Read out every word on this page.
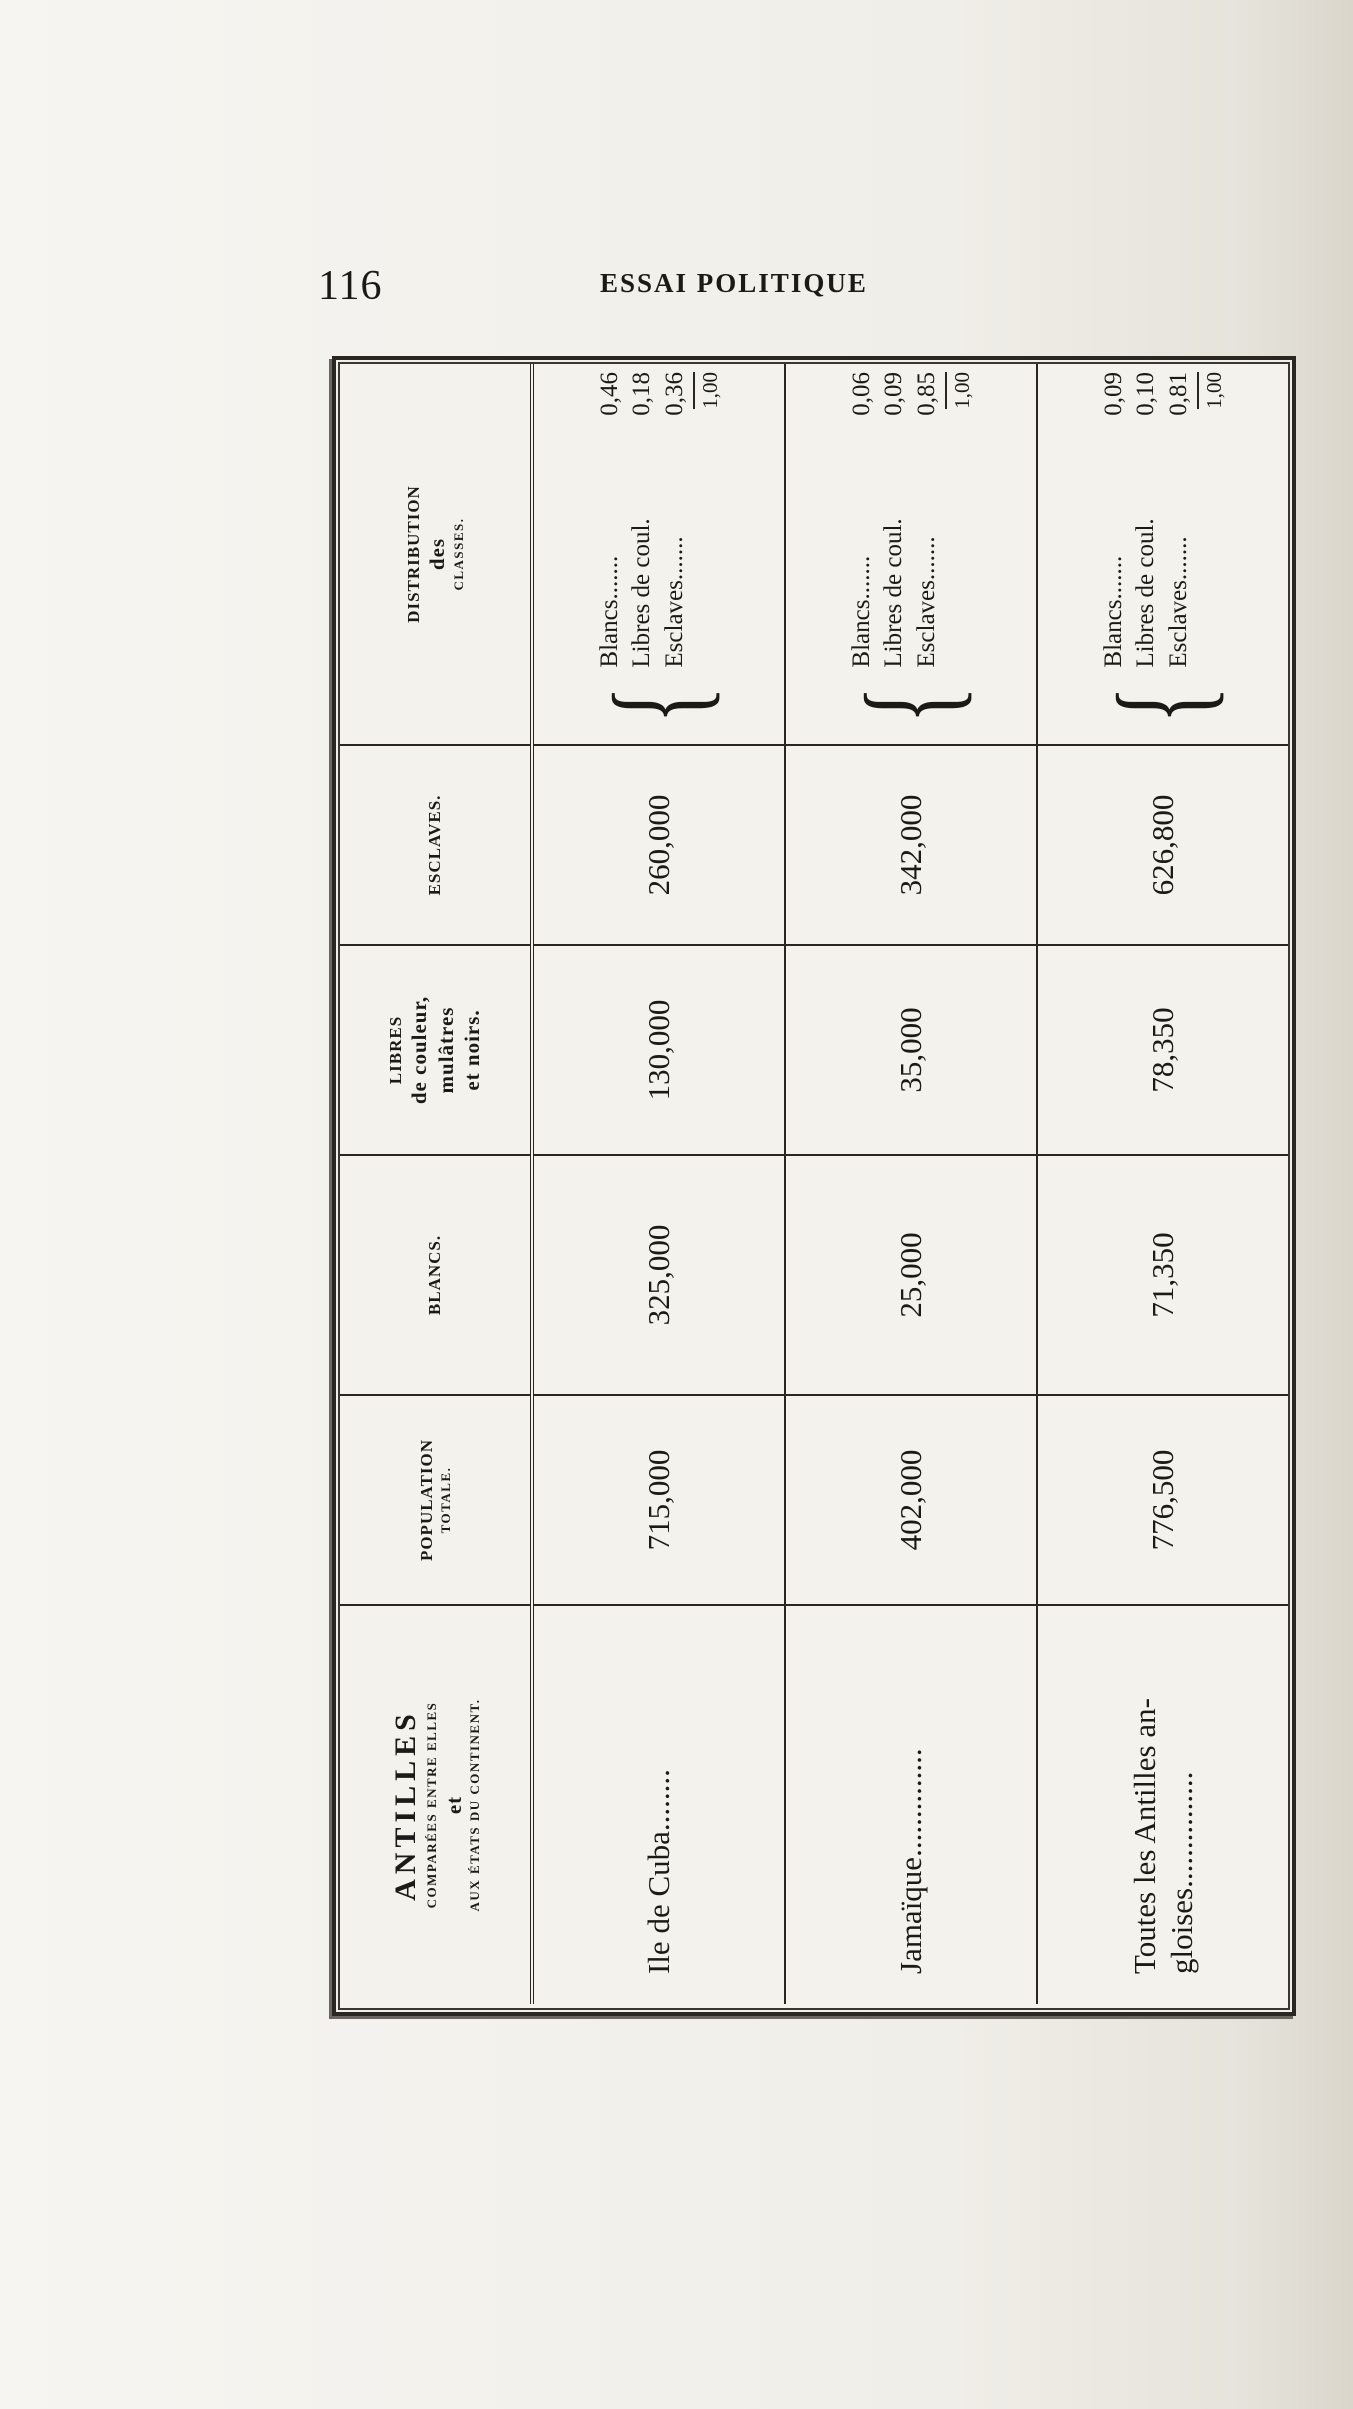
116	ESSAI POLITIQUE
ANTILLES COMPARÉES ENTRE ELLES et AUX ÉTATS DU CONTINENT.
POPULATION TOTALE.
BLANCS.
LIBRES de couleur, mulâtres et noirs.
ESCLAVES.
DISTRIBUTION des CLASSES.
Ile de Cuba........
715,000
325,000
130,000
260,000
{
Blancs.......
0,46
Libres de coul.
0,18
Esclaves.......
0,36 1,00
Jamaïque..............
402,000
25,000
35,000
342,000
{
Blancs.......
0,06
Libres de coul.
0,09
Esclaves.......
0,85 1,00
Toutes les Antilles an- gloises...............
776,500
71,350
78,350
626,800
{
Blancs.......
0,09
Libres de coul.
0,10
Esclaves.......
0,81 1,00
